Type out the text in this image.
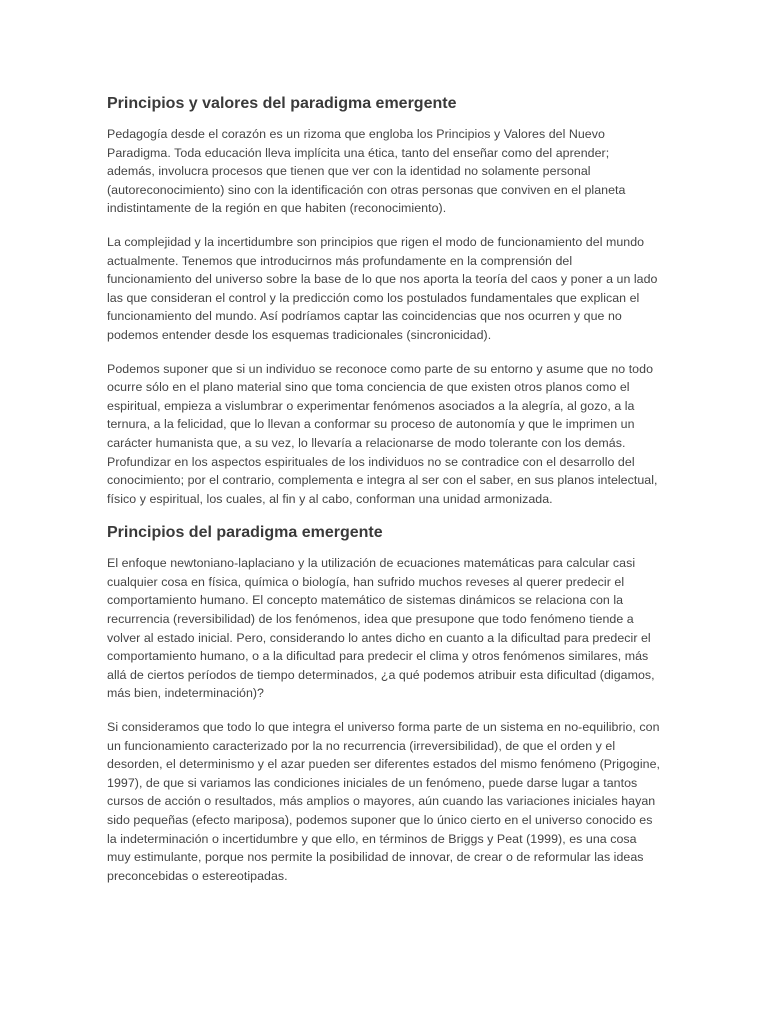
Principios y valores del paradigma emergente

Pedagogía desde el corazón es un rizoma que engloba los Principios y Valores del Nuevo
Paradigma. Toda educación lleva implícita una ética, tanto del enseñar como del aprender;
además, involucra procesos que tienen que ver con la identidad no solamente personal
(autoreconocimiento) sino con la identificación con otras personas que conviven en el planeta
indistintamente de la región en que habiten (reconocimiento).

La complejidad y la incertidumbre son principios que rigen el modo de funcionamiento del mundo
actualmente. Tenemos que introducirnos más profundamente en la comprensión del
funcionamiento del universo sobre la base de lo que nos aporta la teoría del caos y poner a un lado
las que consideran el control y la predicción como los postulados fundamentales que explican el
funcionamiento del mundo. Así podríamos captar las coincidencias que nos ocurren y que no
podemos entender desde los esquemas tradicionales (sincronicidad).

Podemos suponer que si un individuo se reconoce como parte de su entorno y asume que no todo
ocurre sólo en el plano material sino que toma conciencia de que existen otros planos como el
espiritual, empieza a vislumbrar o experimentar fenómenos asociados a la alegría, al gozo, a la
ternura, a la felicidad, que lo llevan a conformar su proceso de autonomía y que le imprimen un
carácter humanista que, a su vez, lo llevaría a relacionarse de modo tolerante con los demás.
Profundizar en los aspectos espirituales de los individuos no se contradice con el desarrollo del
conocimiento; por el contrario, complementa e integra al ser con el saber, en sus planos intelectual,
físico y espiritual, los cuales, al fin y al cabo, conforman una unidad armonizada.

Principios del paradigma emergente

El enfoque newtoniano-laplaciano y la utilización de ecuaciones matemáticas para calcular casi
cualquier cosa en física, química o biología, han sufrido muchos reveses al querer predecir el
comportamiento humano. El concepto matemático de sistemas dinámicos se relaciona con la
recurrencia (reversibilidad) de los fenómenos, idea que presupone que todo fenómeno tiende a
volver al estado inicial. Pero, considerando lo antes dicho en cuanto a la dificultad para predecir el
comportamiento humano, o a la dificultad para predecir el clima y otros fenómenos similares, más
allá de ciertos períodos de tiempo determinados, ¿a qué podemos atribuir esta dificultad (digamos,
más bien, indeterminación)?

Si consideramos que todo lo que integra el universo forma parte de un sistema en no-equilibrio, con
un funcionamiento caracterizado por la no recurrencia (irreversibilidad), de que el orden y el
desorden, el determinismo y el azar pueden ser diferentes estados del mismo fenómeno (Prigogine,
1997), de que si variamos las condiciones iniciales de un fenómeno, puede darse lugar a tantos
cursos de acción o resultados, más amplios o mayores, aún cuando las variaciones iniciales hayan
sido pequeñas (efecto mariposa), podemos suponer que lo único cierto en el universo conocido es
la indeterminación o incertidumbre y que ello, en términos de Briggs y Peat (1999), es una cosa
muy estimulante, porque nos permite la posibilidad de innovar, de crear o de reformular las ideas
preconcebidas o estereotipadas.
